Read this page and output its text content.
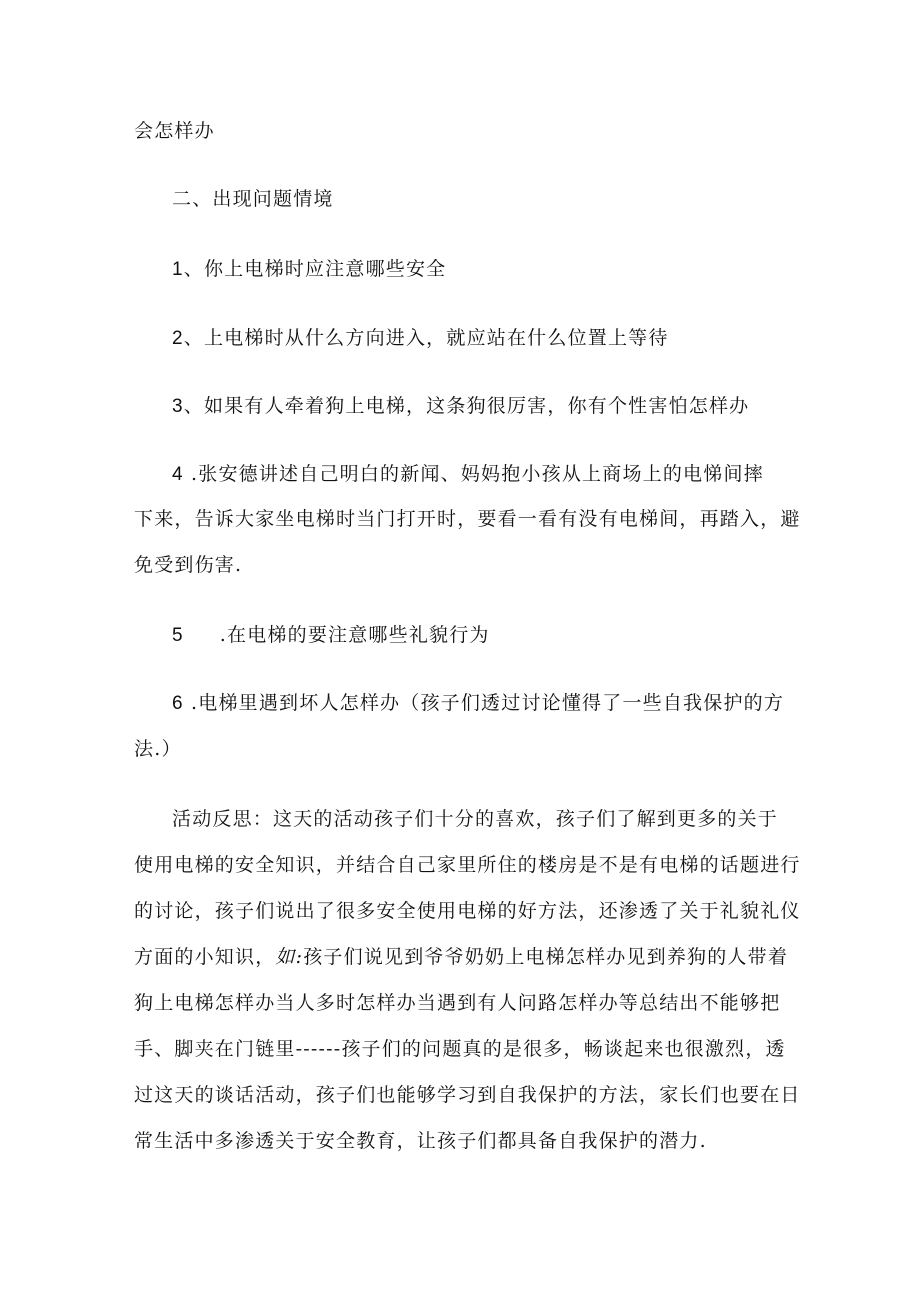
会怎样办
二、出现问题情境
1、你上电梯时应注意哪些安全
2、上电梯时从什么方向进入，就应站在什么位置上等待
3、如果有人牵着狗上电梯，这条狗很厉害，你有个性害怕怎样办
4 .张安德讲述自己明白的新闻、妈妈抱小孩从上商场上的电悌间摔
下来，告诉大家坐电梯时当门打开时，要看一看有没有电梯间，再踏入，避
免受到伤害.
5 .在电梯的要注意哪些礼貌行为
6 .电梯里遇到坏人怎样办（孩子们透过讨论懂得了一些自我保护的方
法.）
活动反思：这天的活动孩子们十分的喜欢，孩子们了解到更多的关于
使用电梯的安全知识，并结合自己家里所住的楼房是不是有电梯的话题进行
的讨论，孩子们说出了很多安全使用电梯的好方法，还渗透了关于礼貌礼仪
方面的小知识，如:孩子们说见到爷爷奶奶上电梯怎样办见到养狗的人带着
狗上电梯怎样办当人多时怎样办当遇到有人问路怎样办等总结出不能够把
手、脚夹在门链里------孩子们的问题真的是很多，畅谈起来也很激烈，透
过这天的谈话活动，孩子们也能够学习到自我保护的方法，家长们也要在日
常生活中多渗透关于安全教育，让孩子们都具备自我保护的潜力.
